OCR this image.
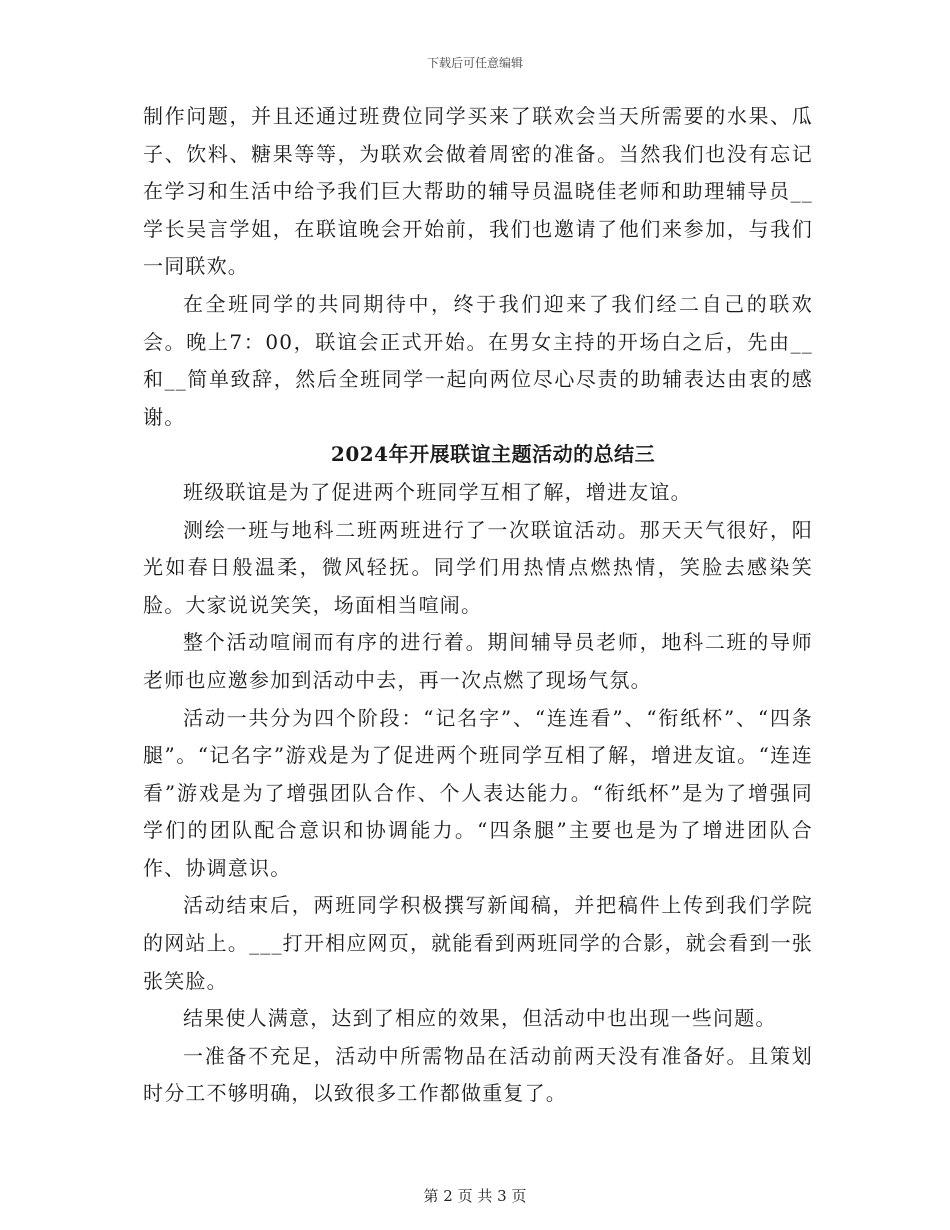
下载后可任意编辑

制作问题，并且还通过班费位同学买来了联欢会当天所需要的水果、瓜子、饮料、糖果等等，为联欢会做着周密的准备。当然我们也没有忘记在学习和生活中给予我们巨大帮助的辅导员温晓佳老师和助理辅导员__学长吴言学姐，在联谊晚会开始前，我们也邀请了他们来参加，与我们一同联欢。

在全班同学的共同期待中，终于我们迎来了我们经二自己的联欢会。晚上7：00，联谊会正式开始。在男女主持的开场白之后，先由__和__简单致辞，然后全班同学一起向两位尽心尽责的助辅表达由衷的感谢。

2024年开展联谊主题活动的总结三

班级联谊是为了促进两个班同学互相了解，增进友谊。

测绘一班与地科二班两班进行了一次联谊活动。那天天气很好，阳光如春日般温柔，微风轻抚。同学们用热情点燃热情，笑脸去感染笑脸。大家说说笑笑，场面相当喧闹。

整个活动喧闹而有序的进行着。期间辅导员老师，地科二班的导师老师也应邀参加到活动中去，再一次点燃了现场气氛。

活动一共分为四个阶段：“记名字”、“连连看”、“衔纸杯”、“四条腿”。“记名字”游戏是为了促进两个班同学互相了解，增进友谊。“连连看”游戏是为了增强团队合作、个人表达能力。“衔纸杯”是为了增强同学们的团队配合意识和协调能力。“四条腿”主要也是为了增进团队合作、协调意识。

活动结束后，两班同学积极撰写新闻稿，并把稿件上传到我们学院的网站上。___打开相应网页，就能看到两班同学的合影，就会看到一张张笑脸。

结果使人满意，达到了相应的效果，但活动中也出现一些问题。

一准备不充足，活动中所需物品在活动前两天没有准备好。且策划时分工不够明确，以致很多工作都做重复了。

第 2 页 共 3 页
